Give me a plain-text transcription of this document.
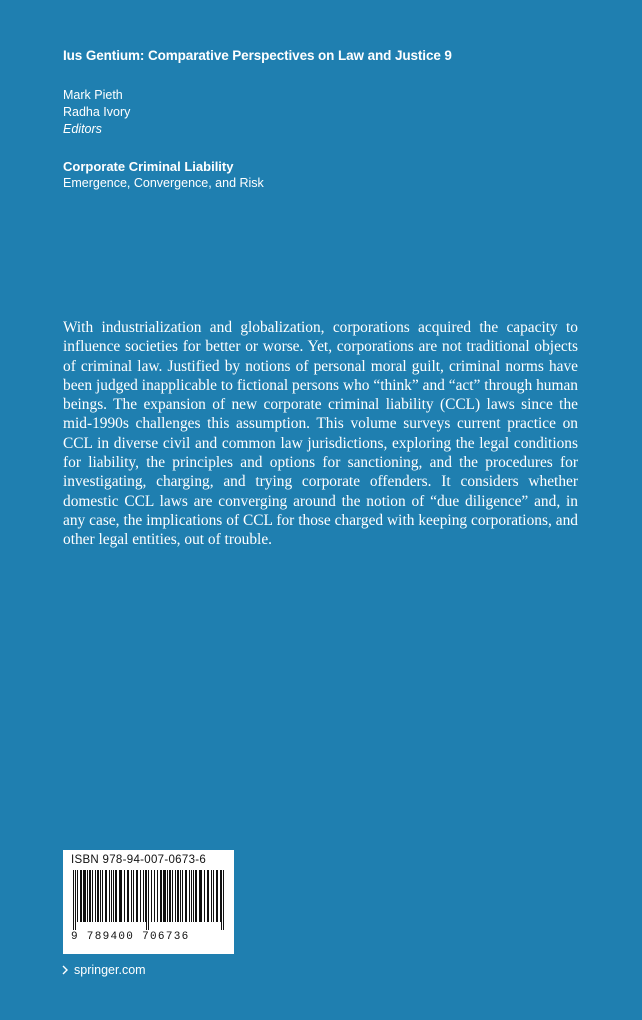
Ius Gentium: Comparative Perspectives on Law and Justice 9
Mark Pieth
Radha Ivory
Editors
Corporate Criminal Liability
Emergence, Convergence, and Risk

With industrialization and globalization, corporations acquired the capacity to influence societies for better or worse. Yet, corporations are not traditional objects of criminal law. Justified by notions of personal moral guilt, criminal norms have been judged inapplicable to fictional persons who “think” and “act” through human beings. The expansion of new corporate criminal liability (CCL) laws since the mid-1990s challenges this assumption. This volume surveys current practice on CCL in diverse civil and common law jurisdictions, exploring the legal conditions for liability, the principles and options for sanctioning, and the procedures for investigating, charging, and trying corporate offenders. It considers whether domestic CCL laws are converging around the notion of “due diligence” and, in any case, the implications of CCL for those charged with keeping corporations, and other legal entities, out of trouble.

ISBN 978-94-007-0673-6
9 789400 706736
springer.com
